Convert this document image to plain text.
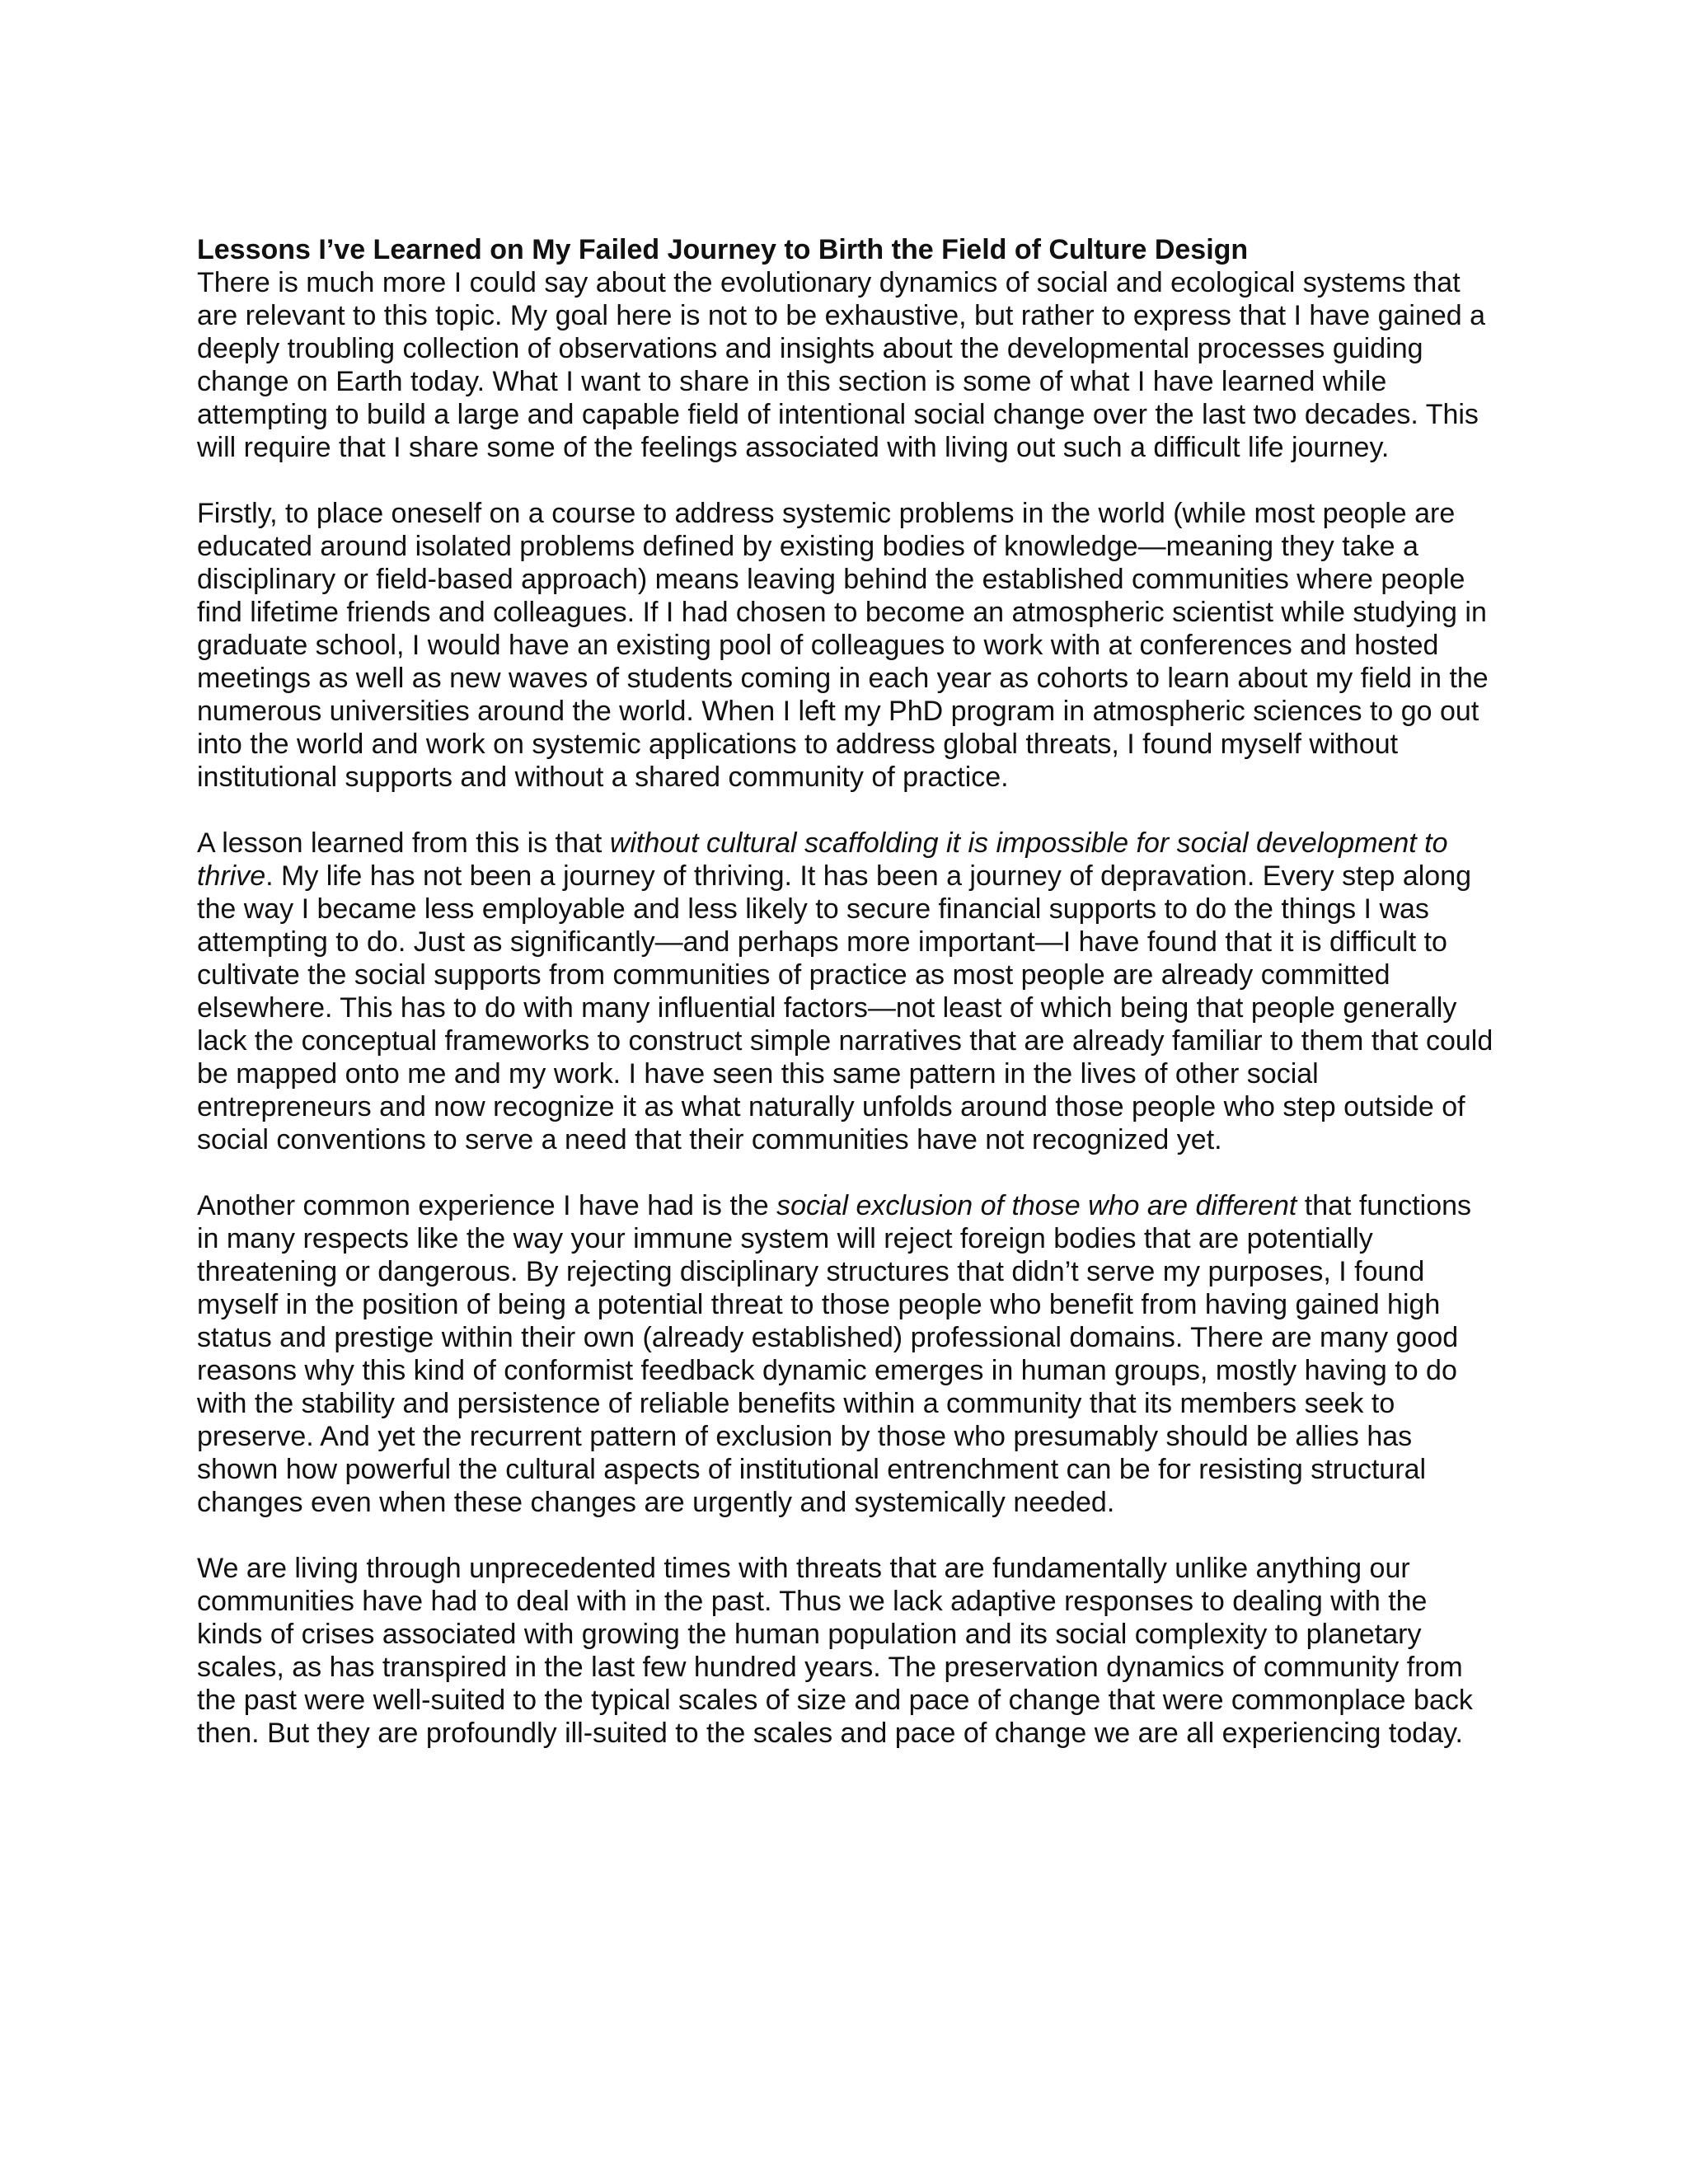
Lessons I’ve Learned on My Failed Journey to Birth the Field of Culture Design

There is much more I could say about the evolutionary dynamics of social and ecological systems that are relevant to this topic. My goal here is not to be exhaustive, but rather to express that I have gained a deeply troubling collection of observations and insights about the developmental processes guiding change on Earth today. What I want to share in this section is some of what I have learned while attempting to build a large and capable field of intentional social change over the last two decades. This will require that I share some of the feelings associated with living out such a difficult life journey.

Firstly, to place oneself on a course to address systemic problems in the world (while most people are educated around isolated problems defined by existing bodies of knowledge—meaning they take a disciplinary or field-based approach) means leaving behind the established communities where people find lifetime friends and colleagues. If I had chosen to become an atmospheric scientist while studying in graduate school, I would have an existing pool of colleagues to work with at conferences and hosted meetings as well as new waves of students coming in each year as cohorts to learn about my field in the numerous universities around the world. When I left my PhD program in atmospheric sciences to go out into the world and work on systemic applications to address global threats, I found myself without institutional supports and without a shared community of practice.

A lesson learned from this is that without cultural scaffolding it is impossible for social development to thrive. My life has not been a journey of thriving. It has been a journey of depravation. Every step along the way I became less employable and less likely to secure financial supports to do the things I was attempting to do. Just as significantly—and perhaps more important—I have found that it is difficult to cultivate the social supports from communities of practice as most people are already committed elsewhere. This has to do with many influential factors—not least of which being that people generally lack the conceptual frameworks to construct simple narratives that are already familiar to them that could be mapped onto me and my work. I have seen this same pattern in the lives of other social entrepreneurs and now recognize it as what naturally unfolds around those people who step outside of social conventions to serve a need that their communities have not recognized yet.

Another common experience I have had is the social exclusion of those who are different that functions in many respects like the way your immune system will reject foreign bodies that are potentially threatening or dangerous. By rejecting disciplinary structures that didn’t serve my purposes, I found myself in the position of being a potential threat to those people who benefit from having gained high status and prestige within their own (already established) professional domains. There are many good reasons why this kind of conformist feedback dynamic emerges in human groups, mostly having to do with the stability and persistence of reliable benefits within a community that its members seek to preserve. And yet the recurrent pattern of exclusion by those who presumably should be allies has shown how powerful the cultural aspects of institutional entrenchment can be for resisting structural changes even when these changes are urgently and systemically needed.

We are living through unprecedented times with threats that are fundamentally unlike anything our communities have had to deal with in the past. Thus we lack adaptive responses to dealing with the kinds of crises associated with growing the human population and its social complexity to planetary scales, as has transpired in the last few hundred years. The preservation dynamics of community from the past were well-suited to the typical scales of size and pace of change that were commonplace back then. But they are profoundly ill-suited to the scales and pace of change we are all experiencing today.
